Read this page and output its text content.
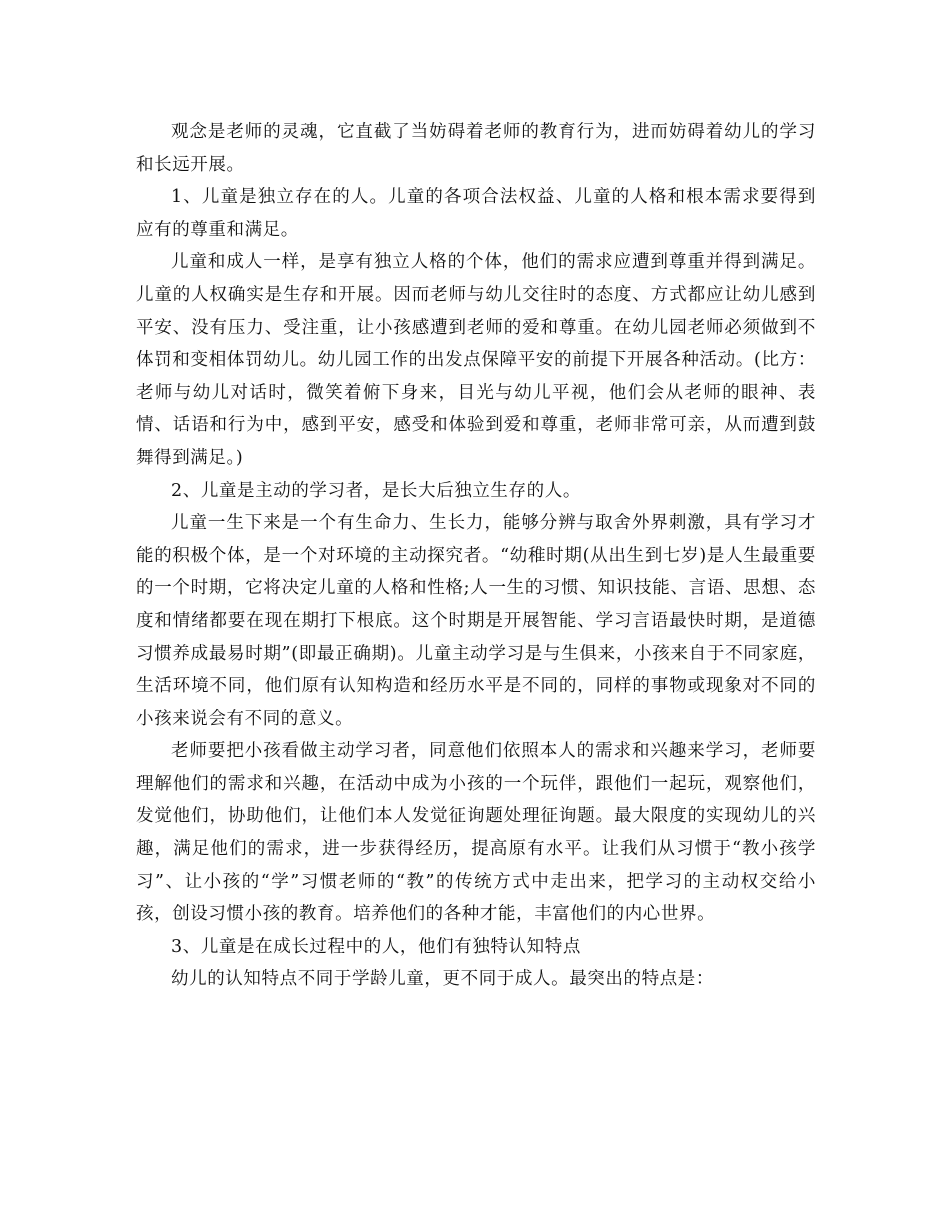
观念是老师的灵魂，它直截了当妨碍着老师的教育行为，进而妨碍着幼儿的学习和长远开展。

1、儿童是独立存在的人。儿童的各项合法权益、儿童的人格和根本需求要得到应有的尊重和满足。

儿童和成人一样，是享有独立人格的个体，他们的需求应遭到尊重并得到满足。儿童的人权确实是生存和开展。因而老师与幼儿交往时的态度、方式都应让幼儿感到平安、没有压力、受注重，让小孩感遭到老师的爱和尊重。在幼儿园老师必须做到不体罚和变相体罚幼儿。幼儿园工作的出发点保障平安的前提下开展各种活动。(比方：老师与幼儿对话时，微笑着俯下身来，目光与幼儿平视，他们会从老师的眼神、表情、话语和行为中，感到平安，感受和体验到爱和尊重，老师非常可亲，从而遭到鼓舞得到满足。)

2、儿童是主动的学习者，是长大后独立生存的人。

儿童一生下来是一个有生命力、生长力，能够分辨与取舍外界刺激，具有学习才能的积极个体，是一个对环境的主动探究者。“幼稚时期(从出生到七岁)是人生最重要的一个时期，它将决定儿童的人格和性格;人一生的习惯、知识技能、言语、思想、态度和情绪都要在现在期打下根底。这个时期是开展智能、学习言语最快时期，是道德习惯养成最易时期”(即最正确期)。儿童主动学习是与生俱来，小孩来自于不同家庭，生活环境不同，他们原有认知构造和经历水平是不同的，同样的事物或现象对不同的小孩来说会有不同的意义。

老师要把小孩看做主动学习者，同意他们依照本人的需求和兴趣来学习，老师要理解他们的需求和兴趣，在活动中成为小孩的一个玩伴，跟他们一起玩，观察他们，发觉他们，协助他们，让他们本人发觉征询题处理征询题。最大限度的实现幼儿的兴趣，满足他们的需求，进一步获得经历，提高原有水平。让我们从习惯于“教小孩学习”、让小孩的“学”习惯老师的“教”的传统方式中走出来，把学习的主动权交给小孩，创设习惯小孩的教育。培养他们的各种才能，丰富他们的内心世界。

3、儿童是在成长过程中的人，他们有独特认知特点

幼儿的认知特点不同于学龄儿童，更不同于成人。最突出的特点是：
